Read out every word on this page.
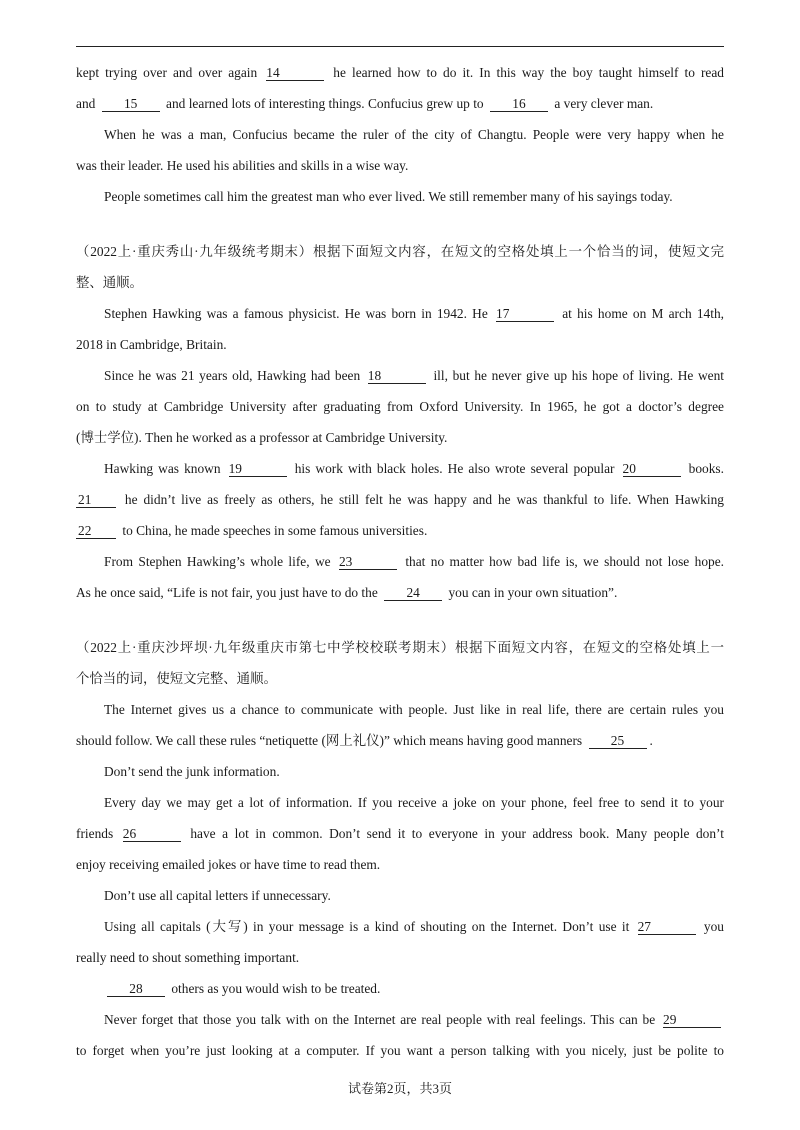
kept trying over and over again 14	he learned how to do it. In this way the boy taught himself to read
and 15 and learned lots of interesting things. Confucius grew up to 16 a very clever man.
When he was a man, Confucius became the ruler of the city of Changtu. People were very happy when he
was their leader. He used his abilities and skills in a wise way.
People sometimes call him the greatest man who ever lived. We still remember many of his sayings today.
（2022上·重庆秀山·九年级统考期末）根据下面短文内容，在短文的空格处填上一个恰当的词，使短文完
整、通顺。
Stephen Hawking was a famous physicist. He was born in 1942. He 17	at his home on M arch 14th,
2018 in Cambridge, Britain.
Since he was 21 years old, Hawking had been 18	ill, but he never give up his hope of living. He went
on to study at Cambridge University after graduating from Oxford University. In 1965, he got a doctor’s degree
(博士学位). Then he worked as a professor at Cambridge University.
Hawking was known 19	his work with black holes. He also wrote several popular 20	books.
21 he didn’t live as freely as others, he still felt he was happy and he was thankful to life. When Hawking
22 to China, he made speeches in some famous universities.
From Stephen Hawking’s whole life, we 23	that no matter how bad life is, we should not lose hope.
As he once said, “Life is not fair, you just have to do the 24 you can in your own situation”.
（2022上·重庆沙坪坝·九年级重庆市第七中学校校联考期末）根据下面短文内容，在短文的空格处填上一
个恰当的词，使短文完整、通顺。
The Internet gives us a chance to communicate with people. Just like in real life, there are certain rules you
should follow. We call these rules “netiquette (网上礼仪)” which means having good manners 25 .
Don’t send the junk information.
Every day we may get a lot of information. If you receive a joke on your phone, feel free to send it to your
friends 26	have a lot in common. Don’t send it to everyone in your address book. Many people don’t
enjoy receiving emailed jokes or have time to read them.
Don’t use all capital letters if unnecessary.
Using all capitals (大写) in your message is a kind of shouting on the Internet. Don’t use it 27	you
really need to shout something important.
28 others as you would wish to be treated.
Never forget that those you talk with on the Internet are real people with real feelings. This can be 29
to forget when you’re just looking at a computer. If you want a person talking with you nicely, just be polite to
试卷第2页，共3页
